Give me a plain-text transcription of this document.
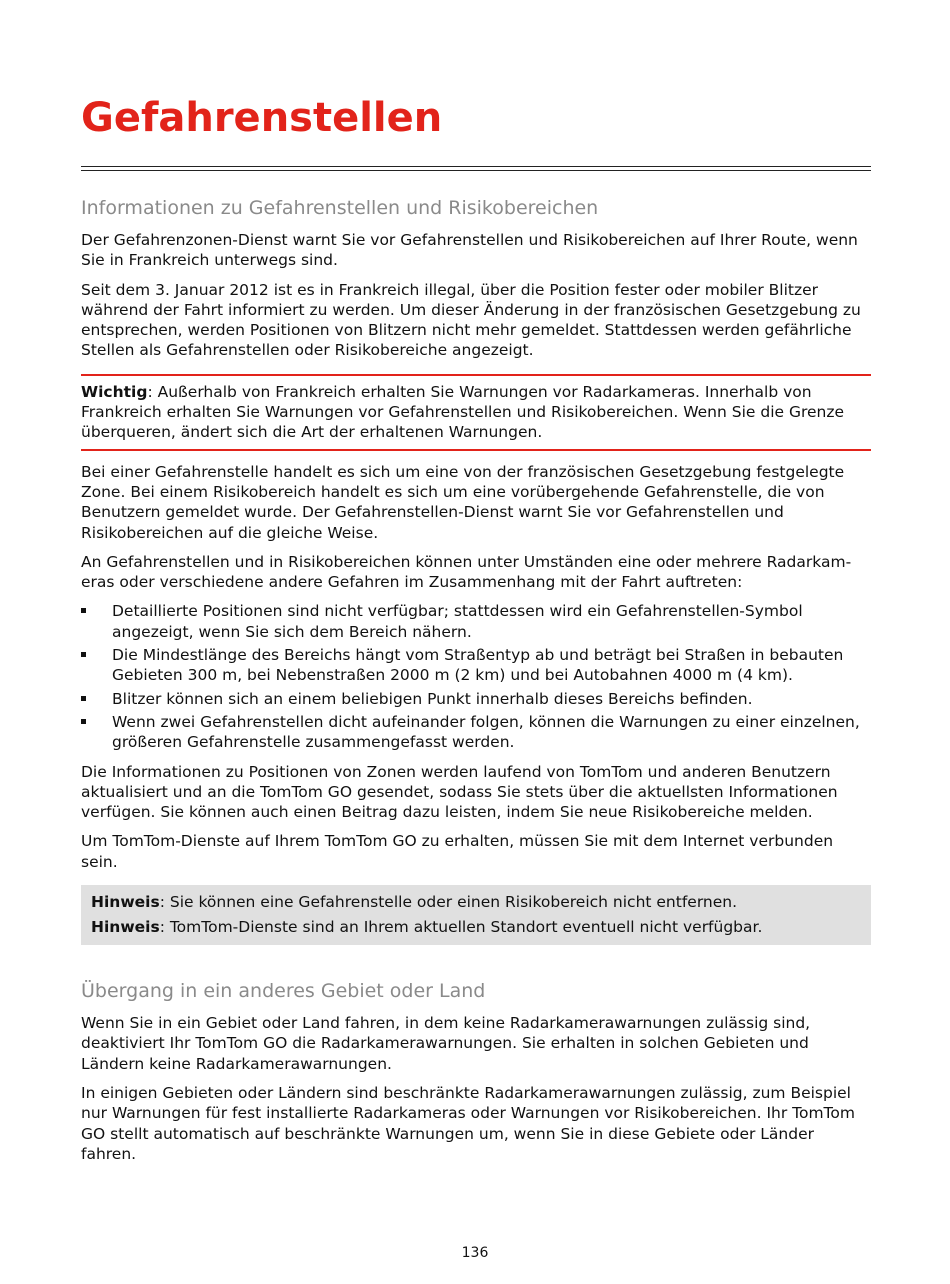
Gefahrenstellen
Informationen zu Gefahrenstellen und Risikobereichen

Der Gefahrenzonen-Dienst warnt Sie vor Gefahrenstellen und Risikobereichen auf Ihrer Route, wenn Sie in Frankreich unterwegs sind.

Seit dem 3. Januar 2012 ist es in Frankreich illegal, über die Position fester oder mobiler Blitzer während der Fahrt informiert zu werden. Um dieser Änderung in der französischen Gesetzgebung zu entsprechen, werden Positionen von Blitzern nicht mehr gemeldet. Stattdessen werden gefährliche Stellen als Gefahrenstellen oder Risikobereiche angezeigt.

Wichtig: Außerhalb von Frankreich erhalten Sie Warnungen vor Radarkameras. Innerhalb von Frankreich erhalten Sie Warnungen vor Gefahrenstellen und Risikobereichen. Wenn Sie die Grenze überqueren, ändert sich die Art der erhaltenen Warnungen.

Bei einer Gefahrenstelle handelt es sich um eine von der französischen Gesetzgebung festgelegte Zone. Bei einem Risikobereich handelt es sich um eine vorübergehende Gefahrenstelle, die von Benutzern gemeldet wurde. Der Gefahrenstellen-Dienst warnt Sie vor Gefahrenstellen und Risikobereichen auf die gleiche Weise.

An Gefahrenstellen und in Risikobereichen können unter Umständen eine oder mehrere Radarkameras oder verschiedene andere Gefahren im Zusammenhang mit der Fahrt auftreten:

Detaillierte Positionen sind nicht verfügbar; stattdessen wird ein Gefahrenstellen-Symbol angezeigt, wenn Sie sich dem Bereich nähern.
Die Mindestlänge des Bereichs hängt vom Straßentyp ab und beträgt bei Straßen in bebauten Gebieten 300 m, bei Nebenstraßen 2000 m (2 km) und bei Autobahnen 4000 m (4 km).
Blitzer können sich an einem beliebigen Punkt innerhalb dieses Bereichs befinden.
Wenn zwei Gefahrenstellen dicht aufeinander folgen, können die Warnungen zu einer einzelnen, größeren Gefahrenstelle zusammengefasst werden.

Die Informationen zu Positionen von Zonen werden laufend von TomTom und anderen Benutzern aktualisiert und an die TomTom GO gesendet, sodass Sie stets über die aktuellsten Informationen verfügen. Sie können auch einen Beitrag dazu leisten, indem Sie neue Risikobereiche melden.

Um TomTom-Dienste auf Ihrem TomTom GO zu erhalten, müssen Sie mit dem Internet verbunden sein.

Hinweis: Sie können eine Gefahrenstelle oder einen Risikobereich nicht entfernen.

Hinweis: TomTom-Dienste sind an Ihrem aktuellen Standort eventuell nicht verfügbar.

Übergang in ein anderes Gebiet oder Land

Wenn Sie in ein Gebiet oder Land fahren, in dem keine Radarkamerawarnungen zulässig sind, deaktiviert Ihr TomTom GO die Radarkamerawarnungen. Sie erhalten in solchen Gebieten und Ländern keine Radarkamerawarnungen.

In einigen Gebieten oder Ländern sind beschränkte Radarkamerawarnungen zulässig, zum Beispiel nur Warnungen für fest installierte Radarkameras oder Warnungen vor Risikobereichen. Ihr TomTom GO stellt automatisch auf beschränkte Warnungen um, wenn Sie in diese Gebiete oder Länder fahren.

136
